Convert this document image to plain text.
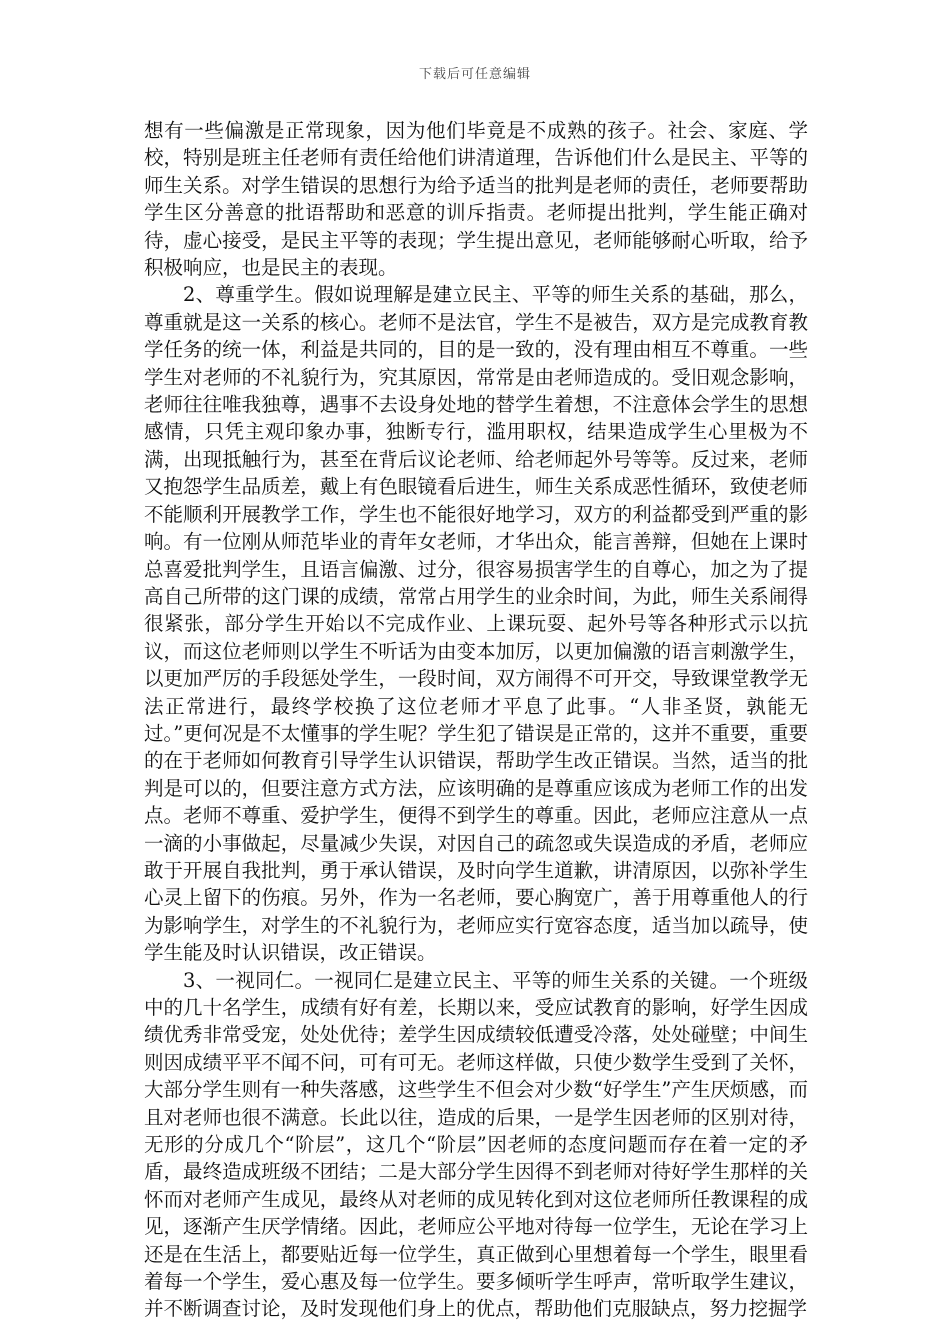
下载后可任意编辑

想有一些偏激是正常现象，因为他们毕竟是不成熟的孩子。社会、家庭、学校，特别是班主任老师有责任给他们讲清道理，告诉他们什么是民主、平等的师生关系。对学生错误的思想行为给予适当的批判是老师的责任，老师要帮助学生区分善意的批语帮助和恶意的训斥指责。老师提出批判，学生能正确对待，虚心接受，是民主平等的表现；学生提出意见，老师能够耐心听取，给予积极响应，也是民主的表现。

2、尊重学生。假如说理解是建立民主、平等的师生关系的基础，那么，尊重就是这一关系的核心。老师不是法官，学生不是被告，双方是完成教育教学任务的统一体，利益是共同的，目的是一致的，没有理由相互不尊重。一些学生对老师的不礼貌行为，究其原因，常常是由老师造成的。受旧观念影响，老师往往唯我独尊，遇事不去设身处地的替学生着想，不注意体会学生的思想感情，只凭主观印象办事，独断专行，滥用职权，结果造成学生心里极为不满，出现抵触行为，甚至在背后议论老师、给老师起外号等等。反过来，老师又抱怨学生品质差，戴上有色眼镜看后进生，师生关系成恶性循环，致使老师不能顺利开展教学工作，学生也不能很好地学习，双方的利益都受到严重的影响。有一位刚从师范毕业的青年女老师，才华出众，能言善辩，但她在上课时总喜爱批判学生，且语言偏激、过分，很容易损害学生的自尊心，加之为了提高自己所带的这门课的成绩，常常占用学生的业余时间，为此，师生关系闹得很紧张，部分学生开始以不完成作业、上课玩耍、起外号等各种形式示以抗议，而这位老师则以学生不听话为由变本加厉，以更加偏激的语言刺激学生，以更加严厉的手段惩处学生，一段时间，双方闹得不可开交，导致课堂教学无法正常进行，最终学校换了这位老师才平息了此事。“人非圣贤，孰能无过。”更何况是不太懂事的学生呢？学生犯了错误是正常的，这并不重要，重要的在于老师如何教育引导学生认识错误，帮助学生改正错误。当然，适当的批判是可以的，但要注意方式方法，应该明确的是尊重应该成为老师工作的出发点。老师不尊重、爱护学生，便得不到学生的尊重。因此，老师应注意从一点一滴的小事做起，尽量减少失误，对因自己的疏忽或失误造成的矛盾，老师应敢于开展自我批判，勇于承认错误，及时向学生道歉，讲清原因，以弥补学生心灵上留下的伤痕。另外，作为一名老师，要心胸宽广，善于用尊重他人的行为影响学生，对学生的不礼貌行为，老师应实行宽容态度，适当加以疏导，使学生能及时认识错误，改正错误。

3、一视同仁。一视同仁是建立民主、平等的师生关系的关键。一个班级中的几十名学生，成绩有好有差，长期以来，受应试教育的影响，好学生因成绩优秀非常受宠，处处优待；差学生因成绩较低遭受冷落，处处碰壁；中间生则因成绩平平不闻不问，可有可无。老师这样做，只使少数学生受到了关怀，大部分学生则有一种失落感，这些学生不但会对少数“好学生”产生厌烦感，而且对老师也很不满意。长此以往，造成的后果，一是学生因老师的区别对待，无形的分成几个“阶层”，这几个“阶层”因老师的态度问题而存在着一定的矛盾，最终造成班级不团结；二是大部分学生因得不到老师对待好学生那样的关怀而对老师产生成见，最终从对老师的成见转化到对这位老师所任教课程的成见，逐渐产生厌学情绪。因此，老师应公平地对待每一位学生，无论在学习上还是在生活上，都要贴近每一位学生，真正做到心里想着每一个学生，眼里看着每一个学生，爱心惠及每一位学生。要多倾听学生呼声，常听取学生建议，并不断调查讨论，及时发现他们身上的优点，帮助他们克服缺点，努力挖掘学
